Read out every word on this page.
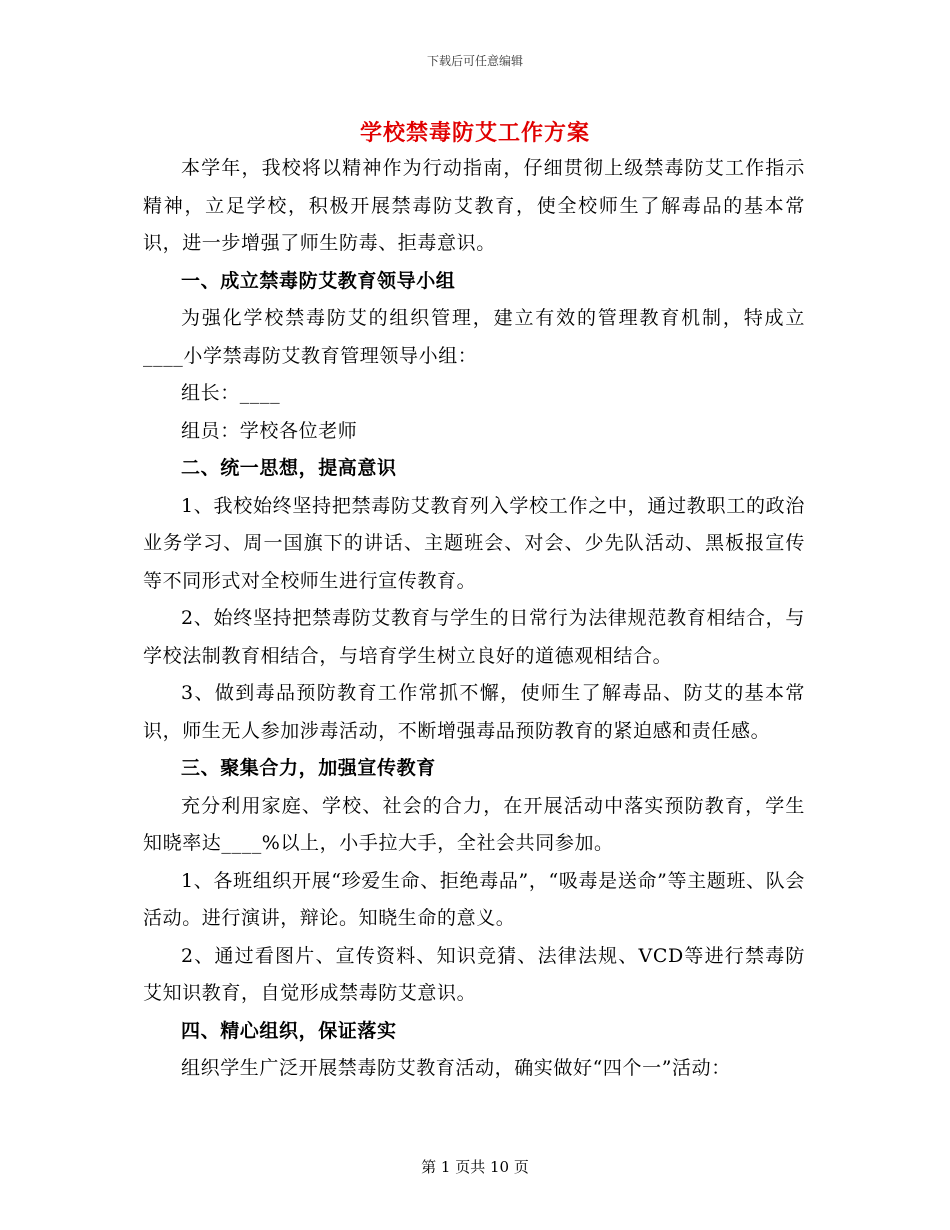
下载后可任意编辑
学校禁毒防艾工作方案

本学年，我校将以精神作为行动指南，仔细贯彻上级禁毒防艾工作指示精神，立足学校，积极开展禁毒防艾教育，使全校师生了解毒品的基本常识，进一步增强了师生防毒、拒毒意识。

一、成立禁毒防艾教育领导小组

为强化学校禁毒防艾的组织管理，建立有效的管理教育机制，特成立____小学禁毒防艾教育管理领导小组：

组长：____

组员：学校各位老师

二、统一思想，提高意识

1、我校始终坚持把禁毒防艾教育列入学校工作之中，通过教职工的政治业务学习、周一国旗下的讲话、主题班会、对会、少先队活动、黑板报宣传等不同形式对全校师生进行宣传教育。

2、始终坚持把禁毒防艾教育与学生的日常行为法律规范教育相结合，与学校法制教育相结合，与培育学生树立良好的道德观相结合。

3、做到毒品预防教育工作常抓不懈，使师生了解毒品、防艾的基本常识，师生无人参加涉毒活动，不断增强毒品预防教育的紧迫感和责任感。

三、聚集合力，加强宣传教育

充分利用家庭、学校、社会的合力，在开展活动中落实预防教育，学生知晓率达____%以上，小手拉大手，全社会共同参加。

1、各班组织开展“珍爱生命、拒绝毒品”，“吸毒是送命”等主题班、队会活动。进行演讲，辩论。知晓生命的意义。

2、通过看图片、宣传资料、知识竞猜、法律法规、VCD等进行禁毒防艾知识教育，自觉形成禁毒防艾意识。

四、精心组织，保证落实

组织学生广泛开展禁毒防艾教育活动，确实做好“四个一”活动：

第 1 页共 10 页
